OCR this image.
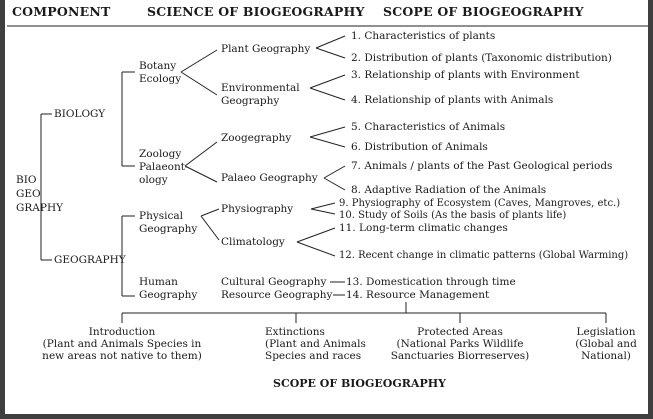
COMPONENT	SCIENCE OF BIOGEOGRAPHY SCOPE OF BIOGEOGRAPHY
BIO
GEO
GRAPHY
BIOLOGY
GEOGRAPHY
Botany
Ecology
Zoology
Palaeont-
ology
Physical
Geography
Human
Geography
Plant Geography
Environmental
Geography
Zoogegraphy
Palaeo Geography
Physiography
Climatology
Cultural Geography
Resource Geography
1. Characteristics of plants
2. Distribution of plants (Taxonomic distribution)
3. Relationship of plants with Environment
4. Relationship of plants with Animals
5. Characteristics of Animals
6. Distribution of Animals
7. Animals / plants of the Past Geological periods
8. Adaptive Radiation of the Animals
9. Physiography of Ecosystem (Caves, Mangroves, etc.)
10. Study of Soils (As the basis of plants life)
11. Long-term climatic changes
12. Recent change in climatic patterns (Global Warming)
13. Domestication through time
14. Resource Management
Introduction
(Plant and Animals Species in
new areas not native to them)
Extinctions
(Plant and Animals
Species and races
Protected Areas
(National Parks Wildlife
Sanctuaries Biorreserves)
Legislation
(Global and
National)
SCOPE OF BIOGEOGRAPHY
